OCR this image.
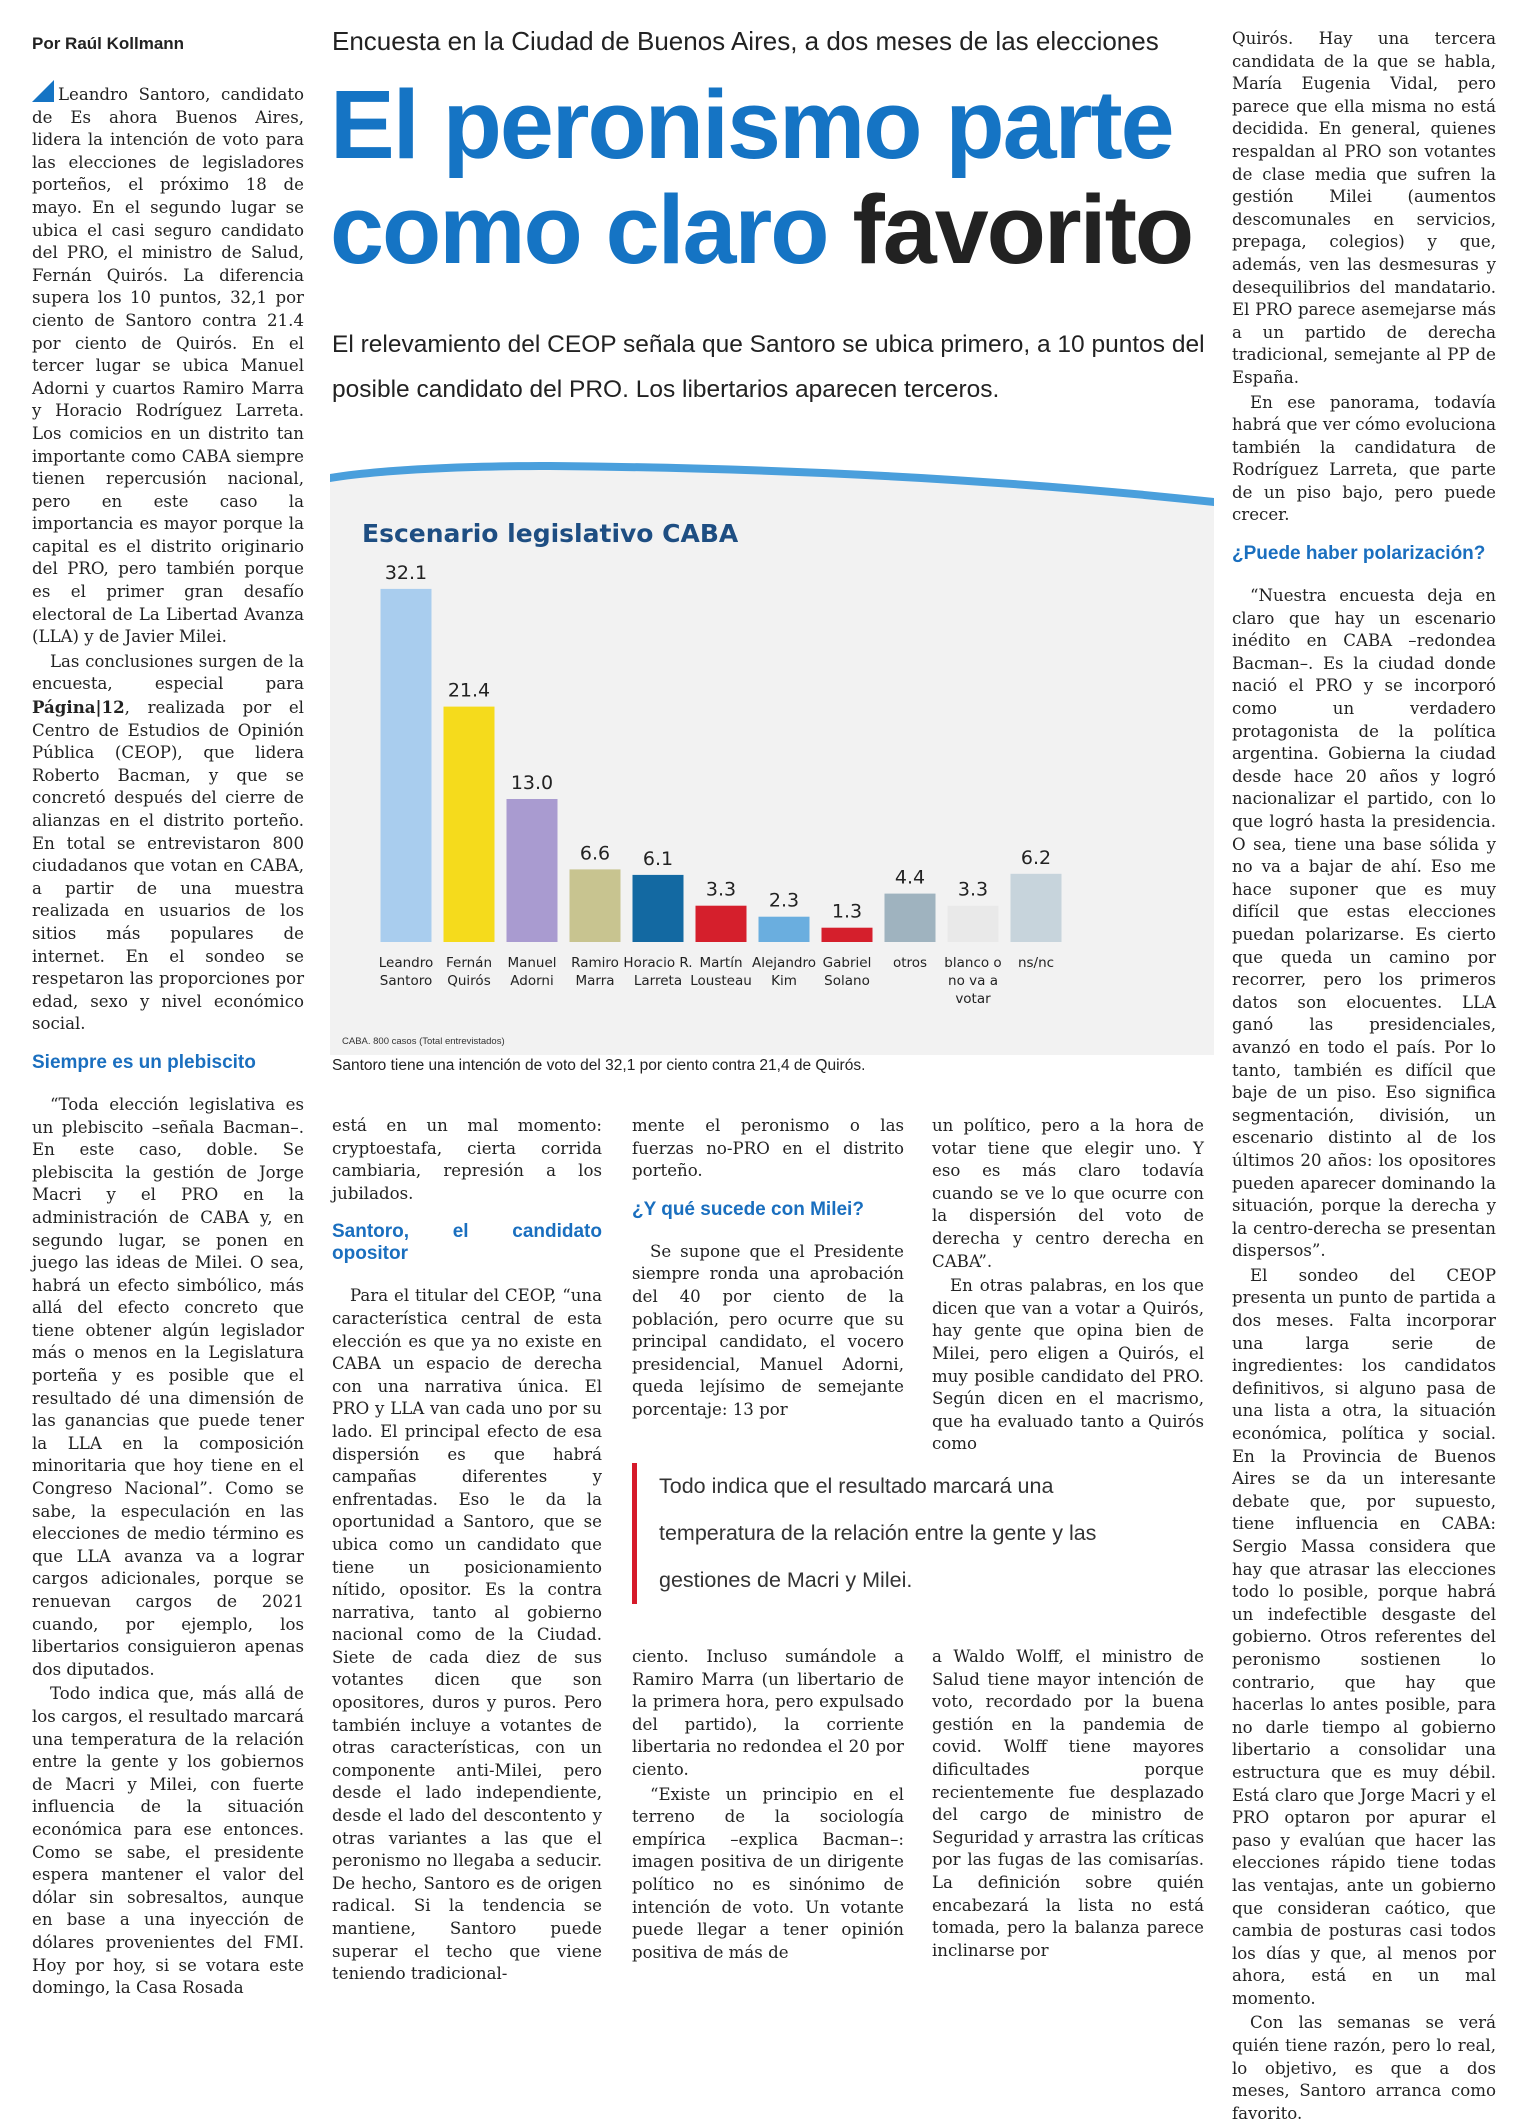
Por Raúl Kollmann	Encuesta en la Ciudad de Buenos Aires, a dos meses de las elecciones
El peronismo parte
como claro favorito
El relevamiento del CEOP señala que Santoro se ubica primero, a 10 puntos del posible candidato del PRO. Los libertarios aparecen terceros.

Leandro Santoro, candidato de Es ahora Buenos Aires, lidera la intención de voto para las elecciones de legisladores porteños, el próximo 18 de mayo. En el segundo lugar se ubica el casi seguro candidato del PRO, el ministro de Salud, Fernán Quirós. La diferencia supera los 10 puntos, 32,1 por ciento de Santoro contra 21.4 por ciento de Quirós. En el tercer lugar se ubica Manuel Adorni y cuartos Ramiro Marra y Horacio Rodríguez Larreta. Los comicios en un distrito tan importante como CABA siempre tienen repercusión nacional, pero en este caso la importancia es mayor porque la capital es el distrito originario del PRO, pero también porque es el primer gran desafío electoral de La Libertad Avanza (LLA) y de Javier Milei.

Las conclusiones surgen de la encuesta, especial para Página|12, realizada por el Centro de Estudios de Opinión Pública (CEOP), que lidera Roberto Bacman, y que se concretó después del cierre de alianzas en el distrito porteño. En total se entrevistaron 800 ciudadanos que votan en CABA, a partir de una muestra realizada en usuarios de los sitios más populares de internet. En el sondeo se respetaron las proporciones por edad, sexo y nivel económico social.

Siempre es un plebiscito

“Toda elección legislativa es un plebiscito –señala Bacman–. En este caso, doble. Se plebiscita la gestión de Jorge Macri y el PRO en la administración de CABA y, en segundo lugar, se ponen en juego las ideas de Milei. O sea, habrá un efecto simbólico, más allá del efecto concreto que tiene obtener algún legislador más o menos en la Legislatura porteña y es posible que el resultado dé una dimensión de las ganancias que puede tener la LLA en la composición minoritaria que hoy tiene en el Congreso Nacional”. Como se sabe, la especulación en las elecciones de medio término es que LLA avanza va a lograr cargos adicionales, porque se renuevan cargos de 2021 cuando, por ejemplo, los libertarios consiguieron apenas dos diputados.

Todo indica que, más allá de los cargos, el resultado marcará una temperatura de la relación entre la gente y los gobiernos de Macri y Milei, con fuerte influencia de la situación económica para ese entonces. Como se sabe, el presidente espera mantener el valor del dólar sin sobresaltos, aunque en base a una inyección de dólares provenientes del FMI. Hoy por hoy, si se votara este domingo, la Casa Rosada

CEOP
LATAM
Escenario legislativo CABA
32.1
Leandro Santoro
21.4
Fernán Quirós
13.0
Manuel Adorni
6.6
Ramiro Marra
6.1
Horacio R. Larreta
3.3
Martín Lousteau
2.3
Alejandro Kim
1.3
Gabriel Solano
4.4
otros
3.3
blanco o no va a votar
6.2
ns/nc
CABA. 800 casos (Total entrevistados)
Santoro tiene una intención de voto del 32,1 por ciento contra 21,4 de Quirós.

está en un mal momento: cryptoestafa, cierta corrida cambiaria, represión a los jubilados.

Santoro, el candidato opositor

Para el titular del CEOP, “una característica central de esta elección es que ya no existe en CABA un espacio de derecha con una narrativa única. El PRO y LLA van cada uno por su lado. El principal efecto de esa dispersión es que habrá campañas diferentes y enfrentadas. Eso le da la oportunidad a Santoro, que se ubica como un candidato que tiene un posicionamiento nítido, opositor. Es la contra narrativa, tanto al gobierno nacional como de la Ciudad. Siete de cada diez de sus votantes dicen que son opositores, duros y puros. Pero también incluye a votantes de otras características, con un componente anti-Milei, pero desde el lado independiente, desde el lado del descontento y otras variantes a las que el peronismo no llegaba a seducir. De hecho, Santoro es de origen radical. Si la tendencia se mantiene, Santoro puede superar el techo que viene teniendo tradicional-

mente el peronismo o las fuerzas no-PRO en el distrito porteño.

¿Y qué sucede con Milei?

Se supone que el Presidente siempre ronda una aprobación del 40 por ciento de la población, pero ocurre que su principal candidato, el vocero presidencial, Manuel Adorni, queda lejísimo de semejante porcentaje: 13 por

un político, pero a la hora de votar tiene que elegir uno. Y eso es más claro todavía cuando se ve lo que ocurre con la dispersión del voto de derecha y centro derecha en CABA”.

En otras palabras, en los que dicen que van a votar a Quirós, hay gente que opina bien de Milei, pero eligen a Quirós, el muy posible candidato del PRO. Según dicen en el macrismo, que ha evaluado tanto a Quirós como

Todo indica que el resultado marcará una temperatura de la relación entre la gente y las gestiones de Macri y Milei.

ciento. Incluso sumándole a Ramiro Marra (un libertario de la primera hora, pero expulsado del partido), la corriente libertaria no redondea el 20 por ciento.

“Existe un principio en el terreno de la sociología empírica –explica Bacman–: imagen positiva de un dirigente político no es sinónimo de intención de voto. Un votante puede llegar a tener opinión positiva de más de

a Waldo Wolff, el ministro de Salud tiene mayor intención de voto, recordado por la buena gestión en la pandemia de covid. Wolff tiene mayores dificultades porque recientemente fue desplazado del cargo de ministro de Seguridad y arrastra las críticas por las fugas de las comisarías. La definición sobre quién encabezará la lista no está tomada, pero la balanza parece inclinarse por

Quirós. Hay una tercera candidata de la que se habla, María Eugenia Vidal, pero parece que ella misma no está decidida. En general, quienes respaldan al PRO son votantes de clase media que sufren la gestión Milei (aumentos descomunales en servicios, prepaga, colegios) y que, además, ven las desmesuras y desequilibrios del mandatario. El PRO parece asemejarse más a un partido de derecha tradicional, semejante al PP de España.

En ese panorama, todavía habrá que ver cómo evoluciona también la candidatura de Rodríguez Larreta, que parte de un piso bajo, pero puede crecer.

¿Puede haber polarización?

“Nuestra encuesta deja en claro que hay un escenario inédito en CABA –redondea Bacman–. Es la ciudad donde nació el PRO y se incorporó como un verdadero protagonista de la política argentina. Gobierna la ciudad desde hace 20 años y logró nacionalizar el partido, con lo que logró hasta la presidencia. O sea, tiene una base sólida y no va a bajar de ahí. Eso me hace suponer que es muy difícil que estas elecciones puedan polarizarse. Es cierto que queda un camino por recorrer, pero los primeros datos son elocuentes. LLA ganó las presidenciales, avanzó en todo el país. Por lo tanto, también es difícil que baje de un piso. Eso significa segmentación, división, un escenario distinto al de los últimos 20 años: los opositores pueden aparecer dominando la situación, porque la derecha y la centro-derecha se presentan dispersos”.

El sondeo del CEOP presenta un punto de partida a dos meses. Falta incorporar una larga serie de ingredientes: los candidatos definitivos, si alguno pasa de una lista a otra, la situación económica, política y social. En la Provincia de Buenos Aires se da un interesante debate que, por supuesto, tiene influencia en CABA: Sergio Massa considera que hay que atrasar las elecciones todo lo posible, porque habrá un indefectible desgaste del gobierno. Otros referentes del peronismo sostienen lo contrario, que hay que hacerlas lo antes posible, para no darle tiempo al gobierno libertario a consolidar una estructura que es muy débil. Está claro que Jorge Macri y el PRO optaron por apurar el paso y evalúan que hacer las elecciones rápido tiene todas las ventajas, ante un gobierno que consideran caótico, que cambia de posturas casi todos los días y que, al menos por ahora, está en un mal momento.

Con las semanas se verá quién tiene razón, pero lo real, lo objetivo, es que a dos meses, Santoro arranca como favorito.
